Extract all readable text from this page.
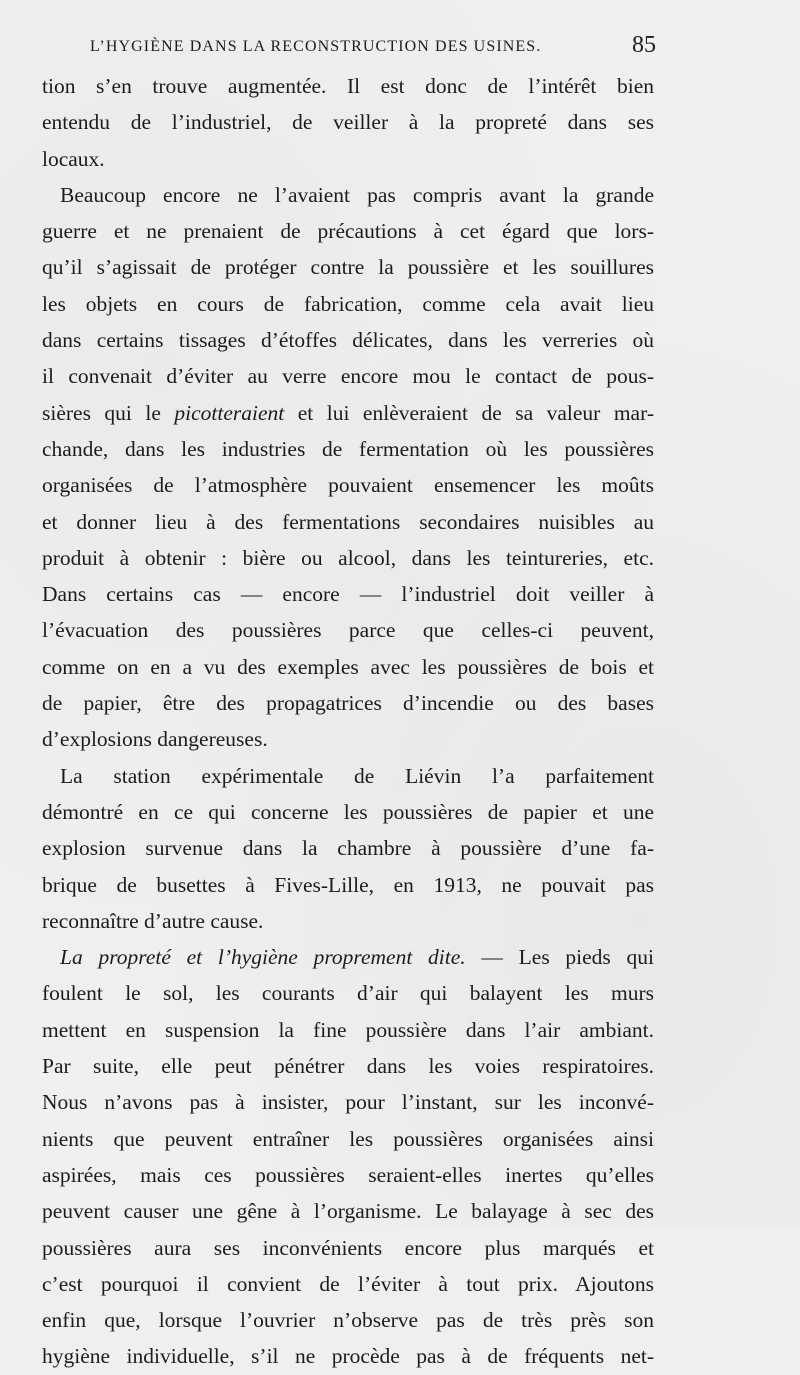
L’HYGIÈNE DANS LA RECONSTRUCTION DES USINES.	85
tion s’en trouve augmentée. Il est donc de l’intérêt bien
entendu de l’industriel, de veiller à la propreté dans ses
locaux.
Beaucoup encore ne l’avaient pas compris avant la grande
guerre et ne prenaient de précautions à cet égard que lors-
qu’il s’agissait de protéger contre la poussière et les souillures
les objets en cours de fabrication, comme cela avait lieu
dans certains tissages d’étoffes délicates, dans les verreries où
il convenait d’éviter au verre encore mou le contact de pous-
sières qui le picotteraient et lui enlèveraient de sa valeur mar-
chande, dans les industries de fermentation où les poussières
organisées de l’atmosphère pouvaient ensemencer les moûts
et donner lieu à des fermentations secondaires nuisibles au
produit à obtenir : bière ou alcool, dans les teintureries, etc.
Dans certains cas — encore — l’industriel doit veiller à
l’évacuation des poussières parce que celles-ci peuvent,
comme on en a vu des exemples avec les poussières de bois et
de papier, être des propagatrices d’incendie ou des bases
d’explosions dangereuses.
La station expérimentale de Liévin l’a parfaitement
démontré en ce qui concerne les poussières de papier et une
explosion survenue dans la chambre à poussière d’une fa-
brique de busettes à Fives-Lille, en 1913, ne pouvait pas
reconnaître d’autre cause.
La propreté et l’hygiène proprement dite. — Les pieds qui
foulent le sol, les courants d’air qui balayent les murs
mettent en suspension la fine poussière dans l’air ambiant.
Par suite, elle peut pénétrer dans les voies respiratoires.
Nous n’avons pas à insister, pour l’instant, sur les inconvé-
nients que peuvent entraîner les poussières organisées ainsi
aspirées, mais ces poussières seraient-elles inertes qu’elles
peuvent causer une gêne à l’organisme. Le balayage à sec des
poussières aura ses inconvénients encore plus marqués et
c’est pourquoi il convient de l’éviter à tout prix. Ajoutons
enfin que, lorsque l’ouvrier n’observe pas de très près son
hygiène individuelle, s’il ne procède pas à de fréquents net-
